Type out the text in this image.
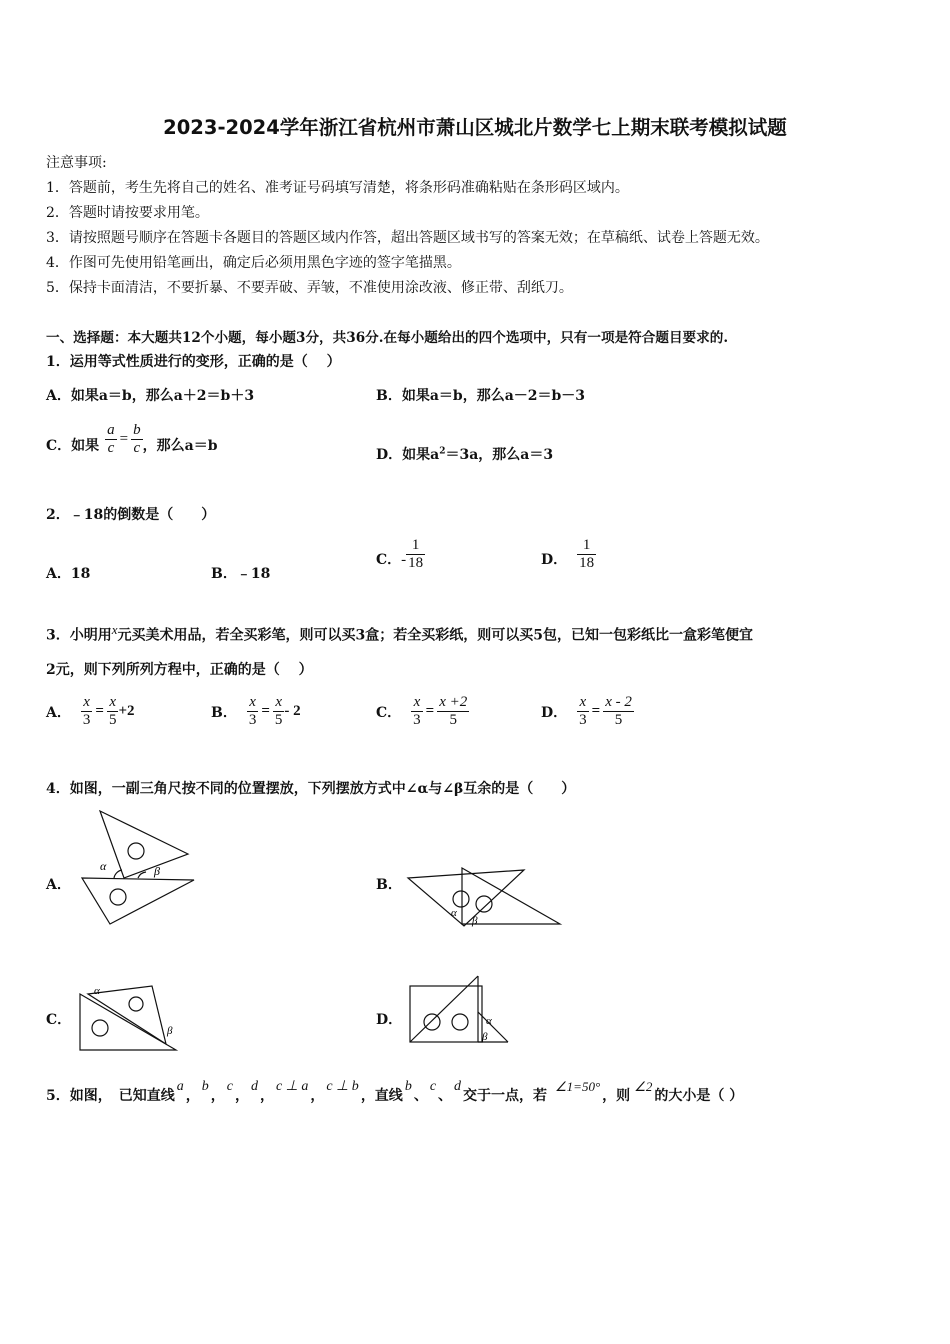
2023-2024学年浙江省杭州市萧山区城北片数学七上期末联考模拟试题
注意事项:
1．答题前，考生先将自己的姓名、准考证号码填写清楚，将条形码准确粘贴在条形码区域内。
2．答题时请按要求用笔。
3．请按照题号顺序在答题卡各题目的答题区域内作答，超出答题区域书写的答案无效；在草稿纸、试卷上答题无效。
4．作图可先使用铅笔画出，确定后必须用黑色字迹的签字笔描黑。
5．保持卡面清洁，不要折暴、不要弄破、弄皱，不准使用涂改液、修正带、刮纸刀。
一、选择题：本大题共12个小题，每小题3分，共36分.在每小题给出的四个选项中，只有一项是符合题目要求的.
1．运用等式性质进行的变形，正确的是（　 ）
A．如果a＝b，那么a＋2＝b＋3	B．如果a＝b，那么a－2＝b－3
C．如果 $\frac{a}{c} = \frac{b}{c}$ ，那么a＝b
D．如果$a^2=3a$，那么a＝3
2．﹣18的倒数是（　　）
A．18	B．﹣18
C． - $\frac{1}{18}$	D． $\frac{1}{18}$
3．小明用x元买美术用品，若全买彩笔，则可以买3盒；若全买彩纸，则可以买5包，已知一包彩纸比一盒彩笔便宜
2元，则下列所列方程中，正确的是（　 ）
A． $\frac{x}{3} = \frac{x}{5} +2$	B． $\frac{x}{3} = \frac{x}{5} - 2$	C． $\frac{x}{3} = \frac{x +2}{5}$	D． $\frac{x}{3} = \frac{x - 2}{5}$
4．如图，一副三角尺按不同的位置摆放，下列摆放方式中∠α与∠β互余的是（　　）
A．
α	β
B．
α
β
C．
α
β
D．	α
β
5．如图，　已知直线
a
，
b
，
c
，
d
，
c ⊥ a
，
c ⊥ b
，直线
b
、
c
、
d
交于一点，若
∠1=50°
，则
∠2
的大小是（ ）
